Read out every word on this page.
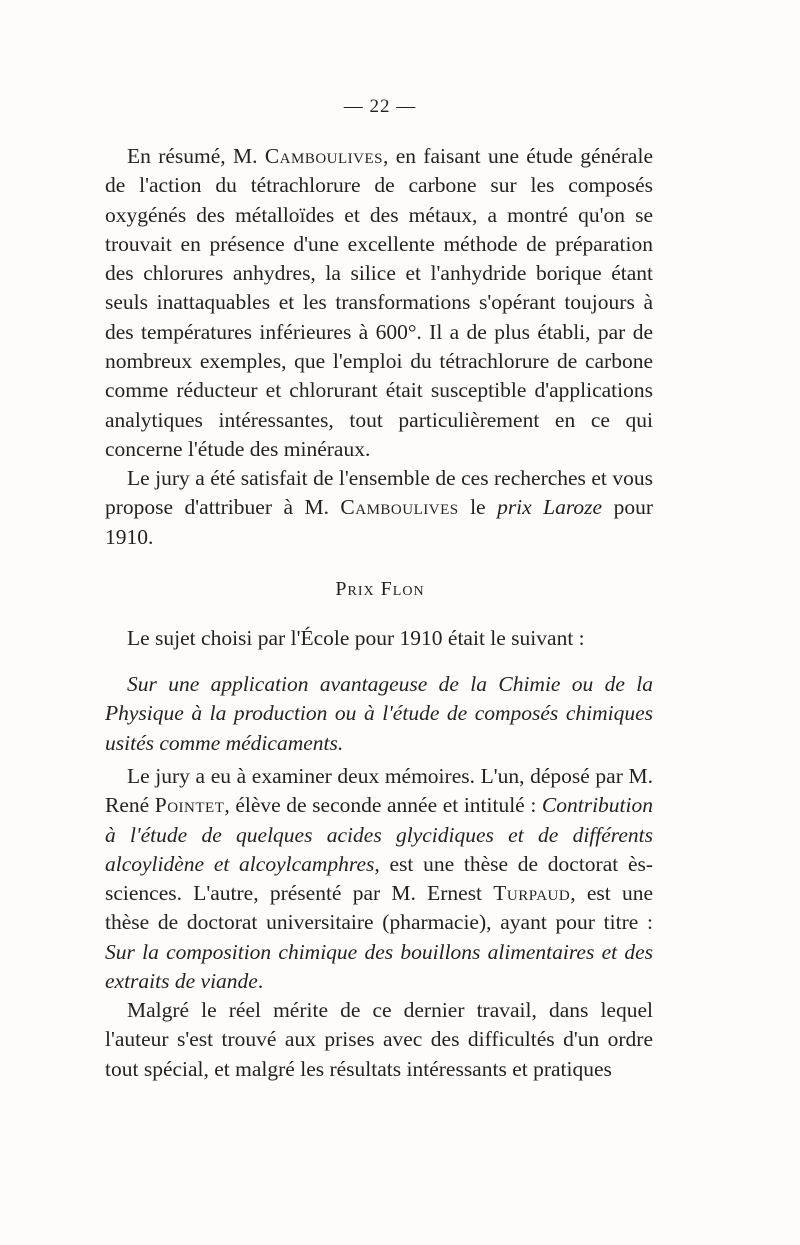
— 22 —

En résumé, M. Camboulives, en faisant une étude générale de l'action du tétrachlorure de carbone sur les composés oxygénés des métalloïdes et des métaux, a montré qu'on se trouvait en présence d'une excellente méthode de préparation des chlorures anhydres, la silice et l'anhydride borique étant seuls inattaquables et les transformations s'opérant toujours à des températures inférieures à 600°. Il a de plus établi, par de nombreux exemples, que l'emploi du tétrachlorure de carbone comme réducteur et chlorurant était susceptible d'applications analytiques intéressantes, tout particulièrement en ce qui concerne l'étude des minéraux.

Le jury a été satisfait de l'ensemble de ces recherches et vous propose d'attribuer à M. Camboulives le prix Laroze pour 1910.

Prix Flon

Le sujet choisi par l'École pour 1910 était le suivant :

Sur une application avantageuse de la Chimie ou de la Physique à la production ou à l'étude de composés chimiques usités comme médicaments.

Le jury a eu à examiner deux mémoires. L'un, déposé par M. René Pointet, élève de seconde année et intitulé : Contribution à l'étude de quelques acides glycidiques et de différents alcoylidène et alcoylcamphres, est une thèse de doctorat ès-sciences. L'autre, présenté par M. Ernest Turpaud, est une thèse de doctorat universitaire (pharmacie), ayant pour titre : Sur la composition chimique des bouillons alimentaires et des extraits de viande.

Malgré le réel mérite de ce dernier travail, dans lequel l'auteur s'est trouvé aux prises avec des difficultés d'un ordre tout spécial, et malgré les résultats intéressants et pratiques
